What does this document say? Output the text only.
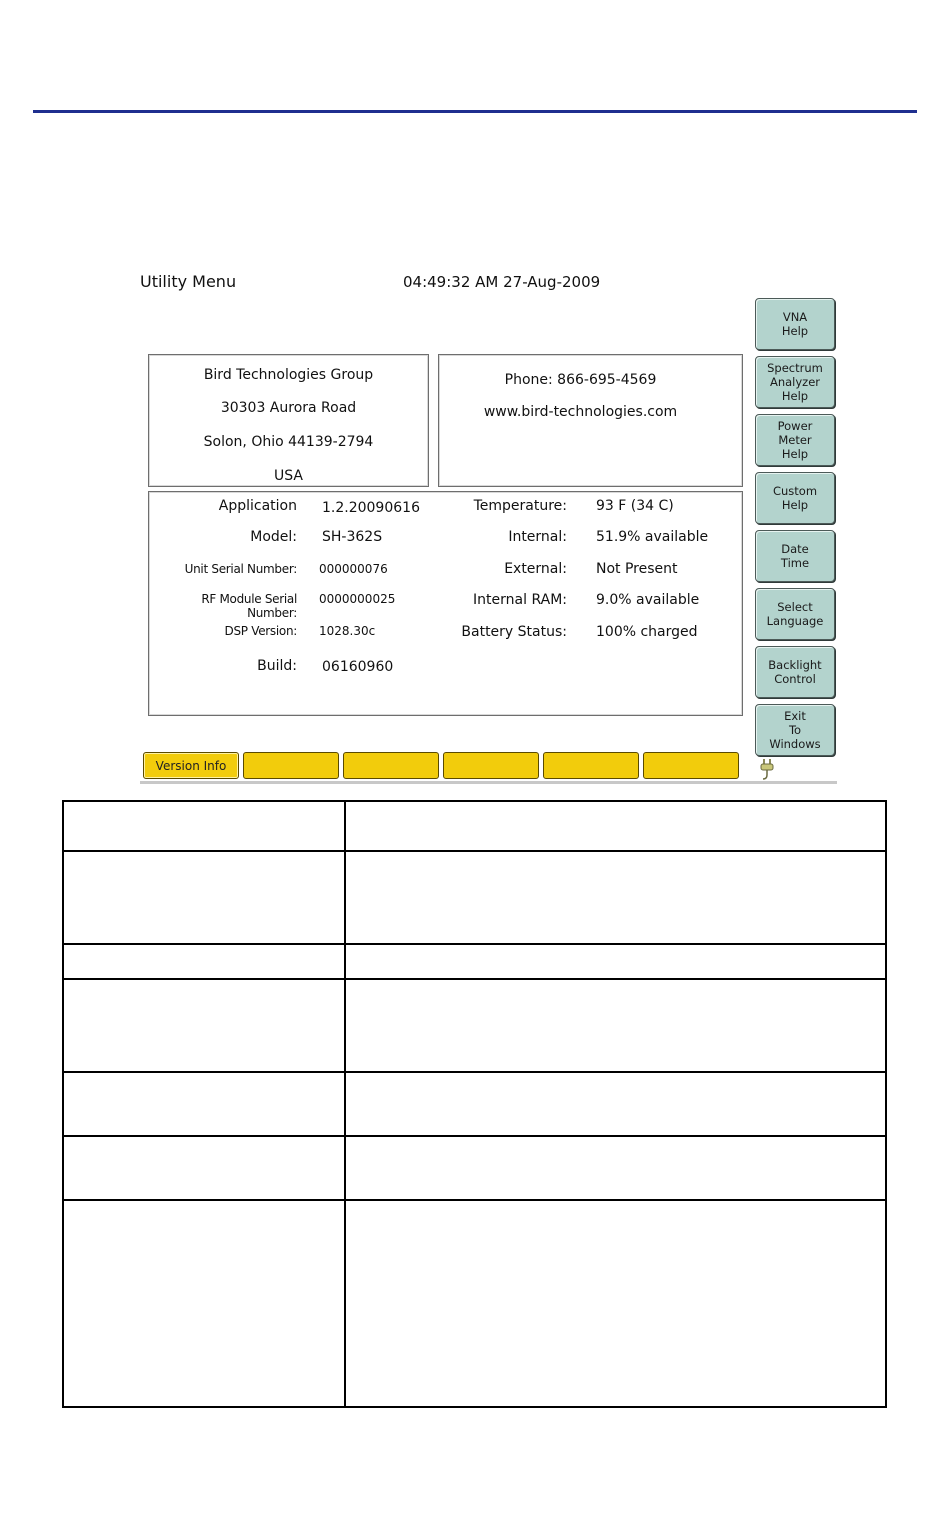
Utility Menu	04:49:32 AM 27-Aug-2009
Bird Technologies Group
30303 Aurora Road
Solon, Ohio 44139-2794
USA
Phone: 866-695-4569
www.bird-technologies.com
Application 1.2.20090616
Model: SH-362S
Unit Serial Number: 000000076
RF Module Serial Number:
0000000025
DSP Version: 1028.30c
Build: 06160960
Temperature: 93 F (34 C)
Internal: 51.9% available
External: Not Present
Internal RAM: 9.0% available
Battery Status: 100% charged
VNA
Help
Spectrum
Analyzer
Help
Power
Meter
Help
Custom
Help
Date
Time
Select
Language
Backlight
Control
Exit
To
Windows
Version Info
